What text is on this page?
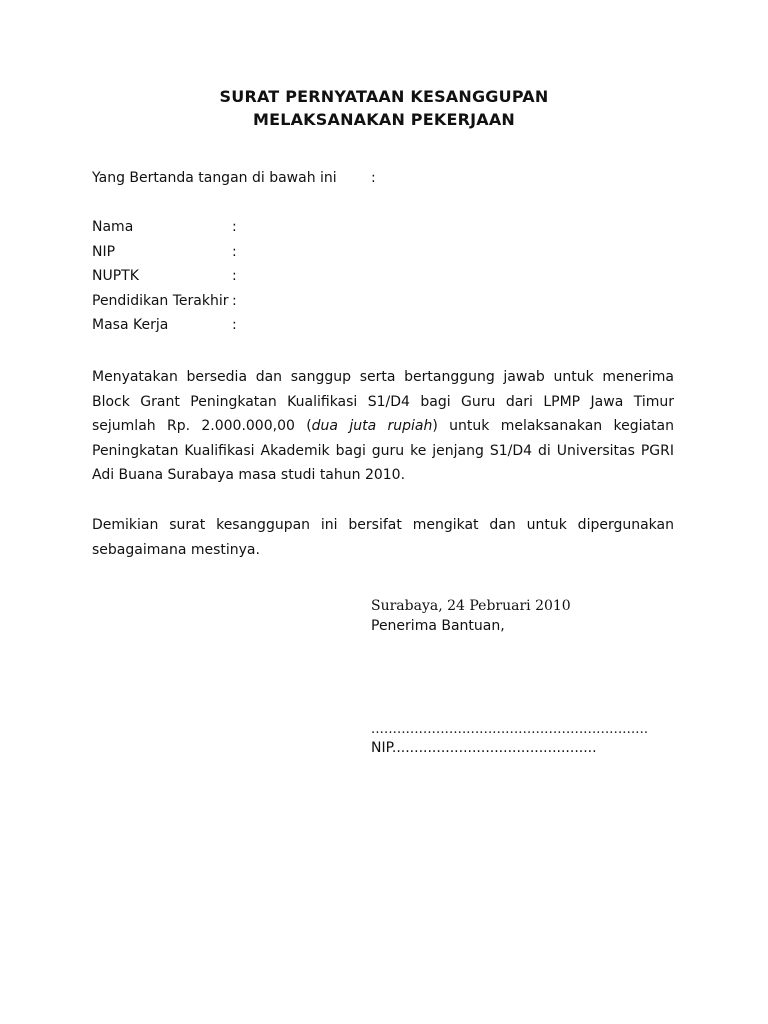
SURAT PERNYATAAN KESANGGUPAN
MELAKSANAKAN PEKERJAAN
Yang Bertanda tangan di bawah ini :
Nama	:
NIP	:
NUPTK	:
Pendidikan Terakhir :
Masa Kerja	:
Menyatakan bersedia dan sanggup serta bertanggung jawab untuk menerima Block Grant Peningkatan Kualifikasi S1/D4 bagi Guru dari LPMP Jawa Timur sejumlah Rp. 2.000.000,00 (dua juta rupiah) untuk melaksanakan kegiatan Peningkatan Kualifikasi Akademik bagi guru ke jenjang S1/D4 di Universitas PGRI Adi Buana Surabaya masa studi tahun 2010.
Demikian surat kesanggupan ini bersifat mengikat dan untuk dipergunakan sebagaimana mestinya.
Surabaya, 24 Pebruari 2010
Penerima Bantuan,
................................................................
NIP..............................................
